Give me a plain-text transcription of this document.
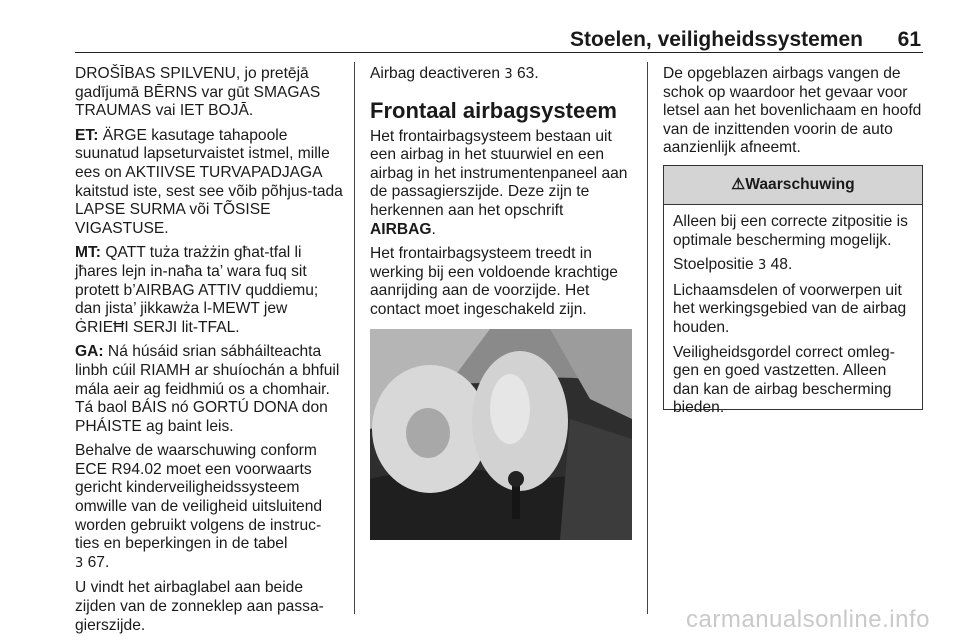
Stoelen, veiligheidssystemen 61

DROŠĪBAS SPILVENU, jo pretējā gadījumā BĒRNS var gūt SMAGAS TRAUMAS vai IET BOJĀ.

ET: ÄRGE kasutage tahapoole suunatud lapseturvaistet istmel, mille ees on AKTIIVSE TURVAPADJAGA kaitstud iste, sest see võib põhjus-tada LAPSE SURMA või TÕSISE VIGASTUSE.

MT: QATT tuża trażżin għat-tfal li jħares lejn in-naħa ta’ wara fuq sit protett b’AIRBAG ATTIV quddiemu; dan jista’ jikkawża l-MEWT jew ĠRIEĦI SERJI lit-TFAL.

GA: Ná húsáid srian sábháilteachta linbh cúil RIAMH ar shuíochán a bhfuil mála aeir ag feidhmiú os a chomhair. Tá baol BÁIS nó GORTÚ DONA don PHÁISTE ag baint leis.

Behalve de waarschuwing conform ECE R94.02 moet een voorwaarts gericht kinderveiligheidssysteem omwille van de veiligheid uitsluitend worden gebruikt volgens de instruc-ties en beperkingen in de tabel
3 67.

U vindt het airbaglabel aan beide zijden van de zonneklep aan passa-gierszijde.

Airbag deactiveren 3 63.

Frontaal airbagsysteem

Het frontairbagsysteem bestaan uit een airbag in het stuurwiel en een airbag in het instrumentenpaneel aan de passagierszijde. Deze zijn te herkennen aan het opschrift
AIRBAG.

Het frontairbagsysteem treedt in werking bij een voldoende krachtige aanrijding aan de voorzijde. Het contact moet ingeschakeld zijn.

De opgeblazen airbags vangen de schok op waardoor het gevaar voor letsel aan het bovenlichaam en hoofd van de inzittenden voorin de auto aanzienlijk afneemt.

⚠Waarschuwing

Alleen bij een correcte zitpositie is optimale bescherming mogelijk.

Stoelpositie 3 48.

Lichaamsdelen of voorwerpen uit het werkingsgebied van de airbag houden.

Veiligheidsgordel correct omleg-gen en goed vastzetten. Alleen dan kan de airbag bescherming bieden.

carmanualsonline.info
